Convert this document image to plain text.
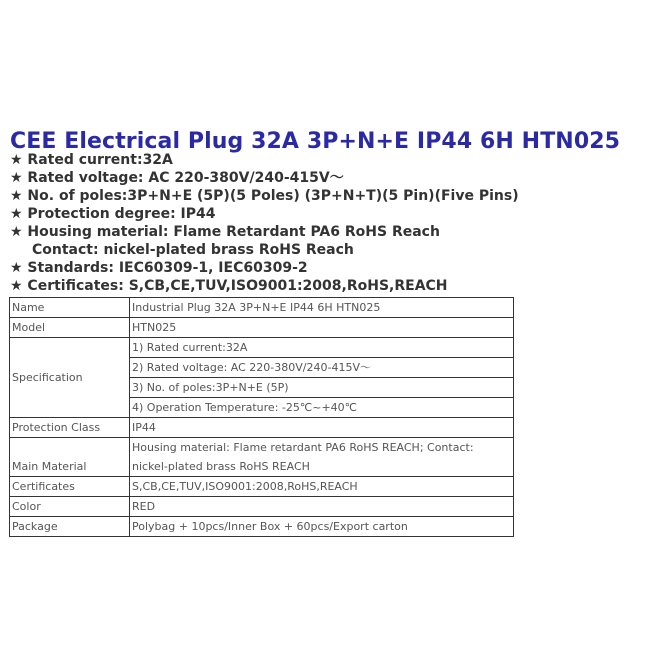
CEE Electrical Plug 32A 3P+N+E IP44 6H HTN025
★ Rated current:32A
★ Rated voltage: AC 220-380V/240-415V～
★ No. of poles:3P+N+E (5P)(5 Poles) (3P+N+T)(5 Pin)(Five Pins)
★ Protection degree: IP44
★ Housing material: Flame Retardant PA6 RoHS Reach
Contact: nickel-plated brass RoHS Reach
★ Standards: IEC60309-1, IEC60309-2
★ Certificates: S,CB,CE,TUV,ISO9001:2008,RoHS,REACH
Name	Industrial Plug 32A 3P+N+E IP44 6H HTN025
Model	HTN025
Specification	1) Rated current:32A
	2) Rated voltage: AC 220-380V/240-415V～
	3) No. of poles:3P+N+E (5P)
	4) Operation Temperature: -25℃~+40℃
Protection Class	IP44
Main Material	Housing material: Flame retardant PA6 RoHS REACH; Contact: nickel-plated brass RoHS REACH
Certificates	S,CB,CE,TUV,ISO9001:2008,RoHS,REACH
Color	RED
Package	Polybag + 10pcs/Inner Box + 60pcs/Export carton
